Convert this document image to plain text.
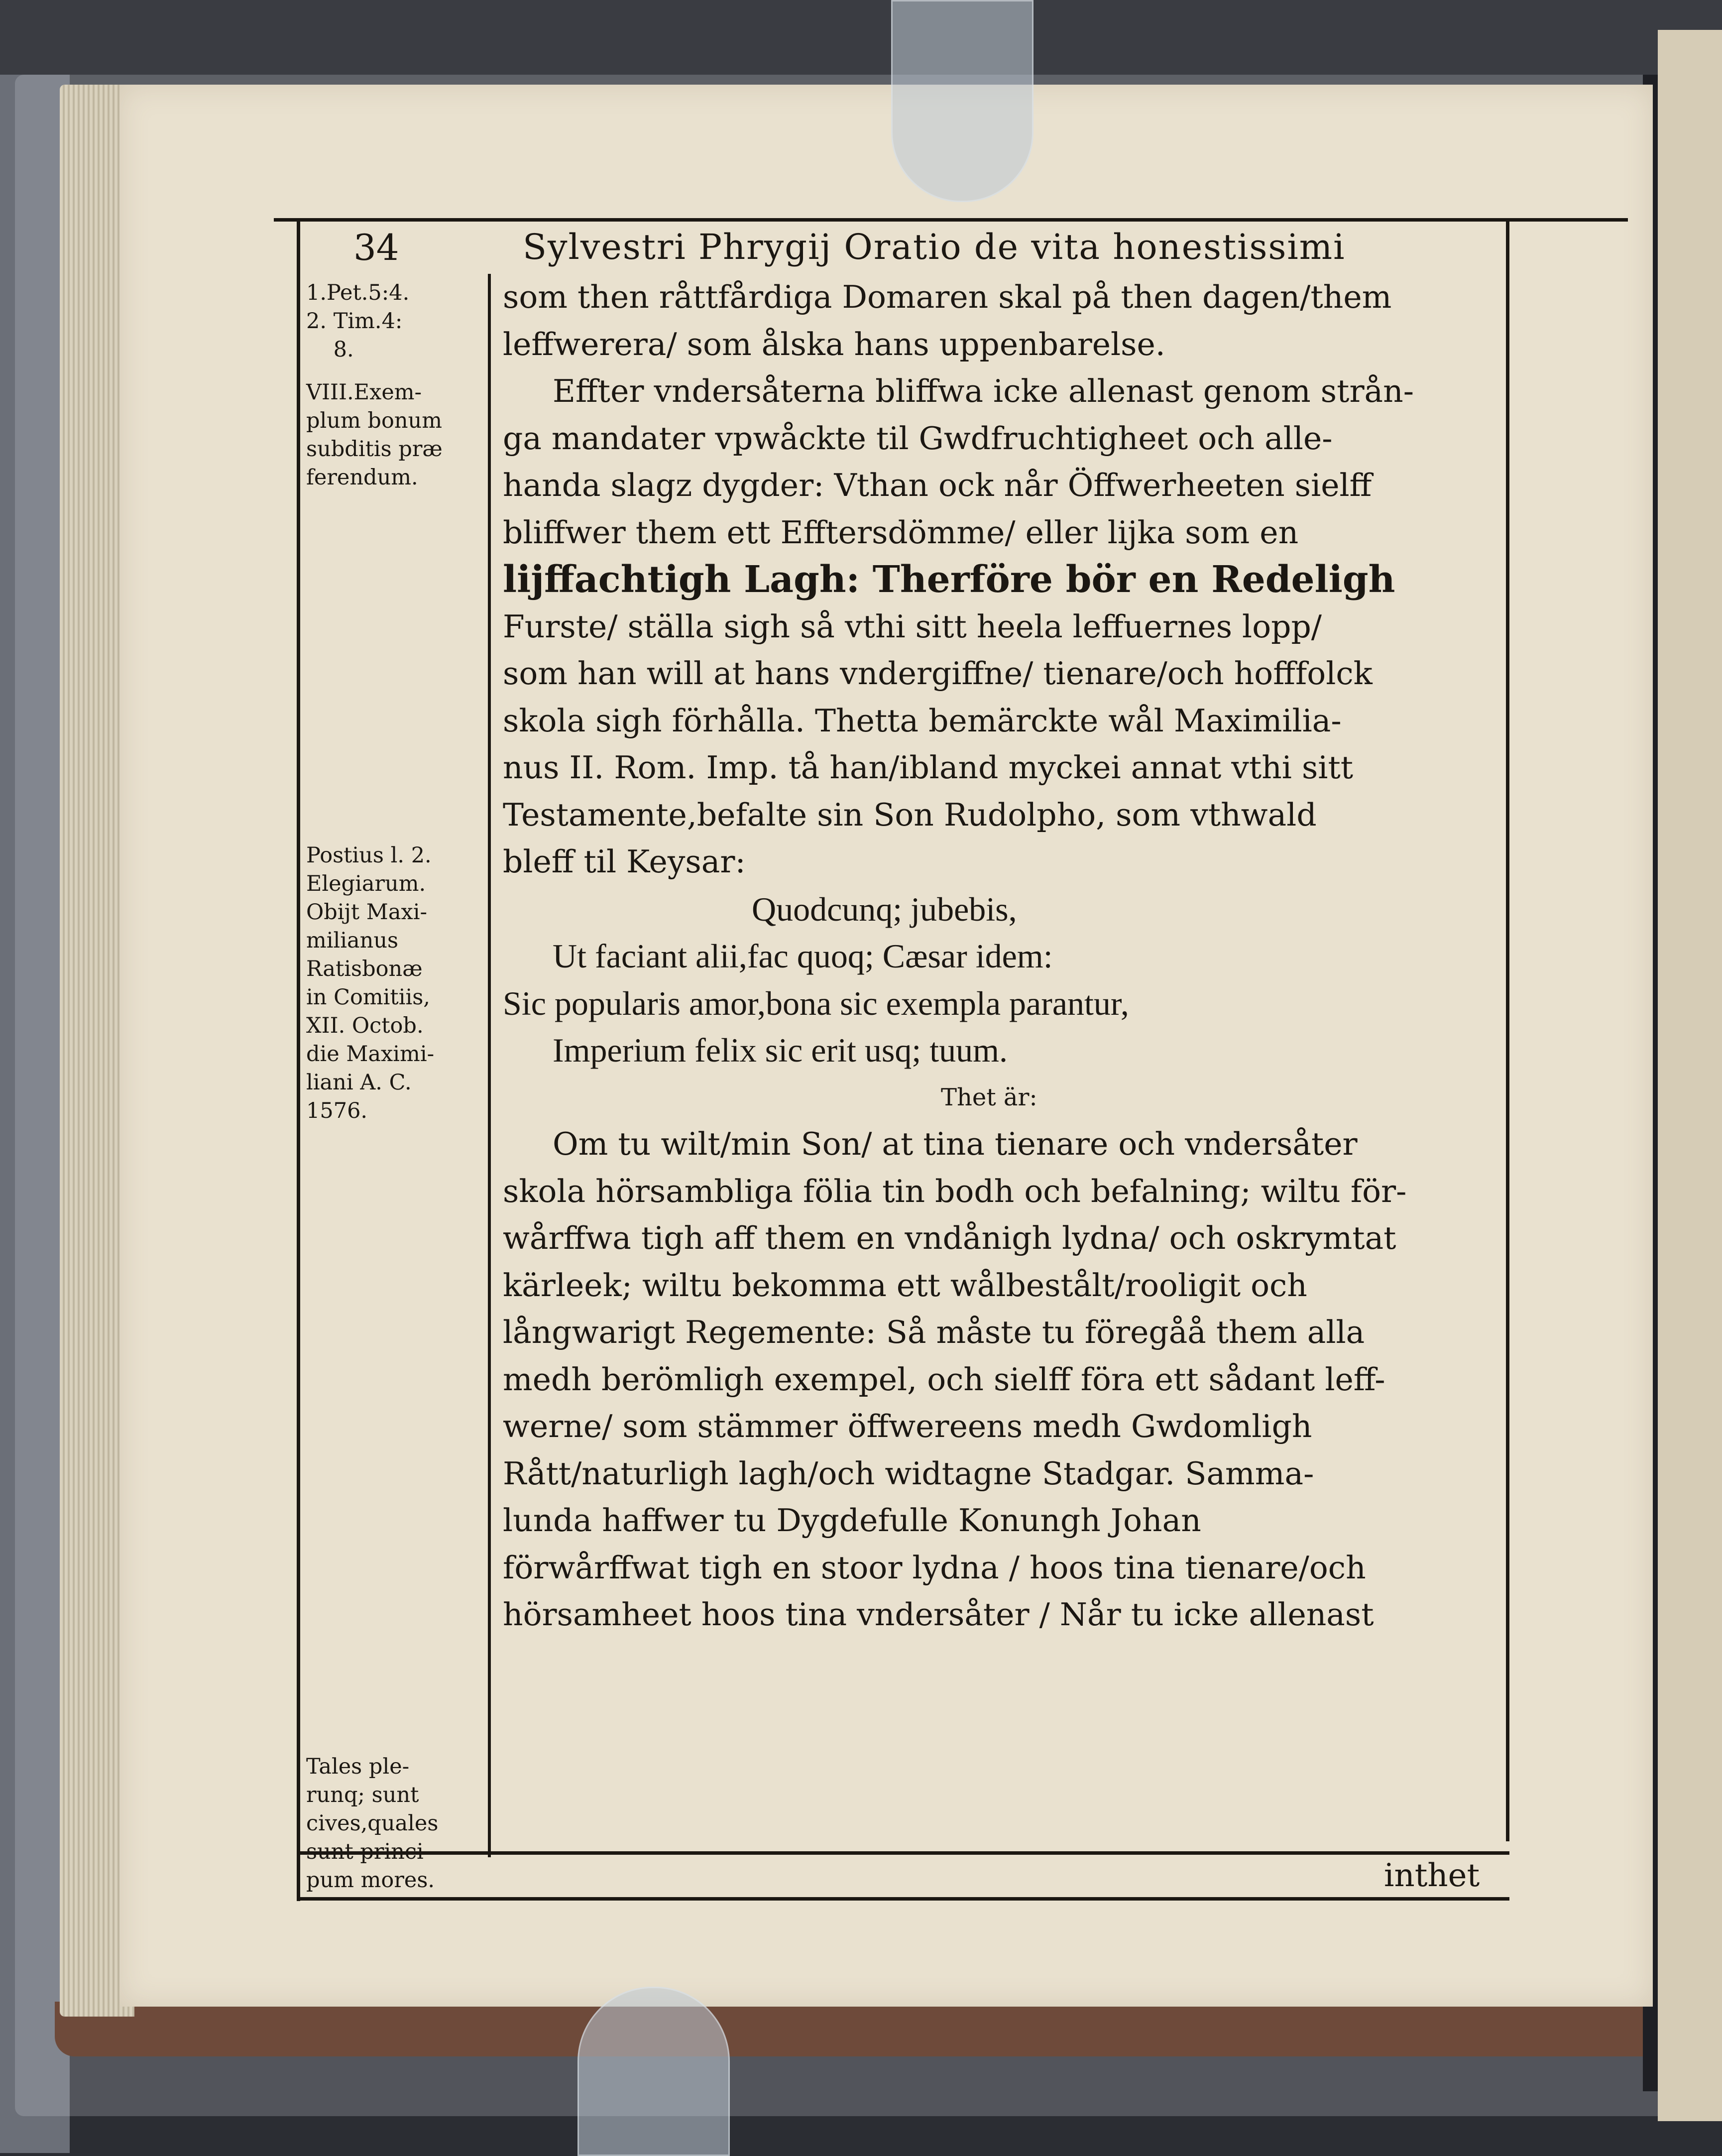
34	Sylvestri Phrygij Oratio de vita honestissimi
1.Pet.5:4.
2. Tim.4:
8.
VIII.Exem-
plum bonum
subditis præ
ferendum.
Postius l. 2.
Elegiarum.
Obijt Maxi-
milianus
Ratisbonæ
in Comitiis,
XII. Octob.
die Maximi-
liani A. C.
1576.
Tales ple-
runq; sunt
cives,quales
sunt princi-
pum mores.
som then råttfårdiga Domaren skal på then dagen/them
leffwerera/ som ålska hans uppenbarelse.
Effter vndersåterna bliffwa icke allenast genom strån-
ga mandater vpwåckte til Gwdfruchtigheet och alle-
handa slagz dygder: Vthan ock når Öffwerheeten sielff
bliffwer them ett Efftersdömme/ eller lijka som en
lijffachtigh Lagh: Therföre bör en Redeligh
Furste/ ställa sigh så vthi sitt heela leffuernes lopp/
som han will at hans vndergiffne/ tienare/och hofffolck
skola sigh förhålla. Thetta bemärckte wål Maximilia-
nus II. Rom. Imp. tå han/ibland myckei annat vthi sitt
Testamente,befalte sin Son Rudolpho, som vthwald
bleff til Keysar:
Quodcunq; jubebis,
Ut faciant alii,fac quoq; Cæsar idem:
Sic popularis amor,bona sic exempla parantur,
Imperium felix sic erit usq; tuum.
Thet är:
Om tu wilt/min Son/ at tina tienare och vndersåter
skola hörsambliga fölia tin bodh och befalning; wiltu för-
wårffwa tigh aff them en vndånigh lydna/ och oskrymtat
kärleek; wiltu bekomma ett wålbestålt/rooligit och
långwarigt Regemente: Så måste tu föregåå them alla
medh berömligh exempel, och sielff föra ett sådant leff-
werne/ som stämmer öffwereens medh Gwdomligh
Rått/naturligh lagh/och widtagne Stadgar. Samma-
lunda haffwer tu Dygdefulle Konungh Johan
förwårffwat tigh en stoor lydna / hoos tina tienare/och
hörsamheet hoos tina vndersåter / Når tu icke allenast
inthet
